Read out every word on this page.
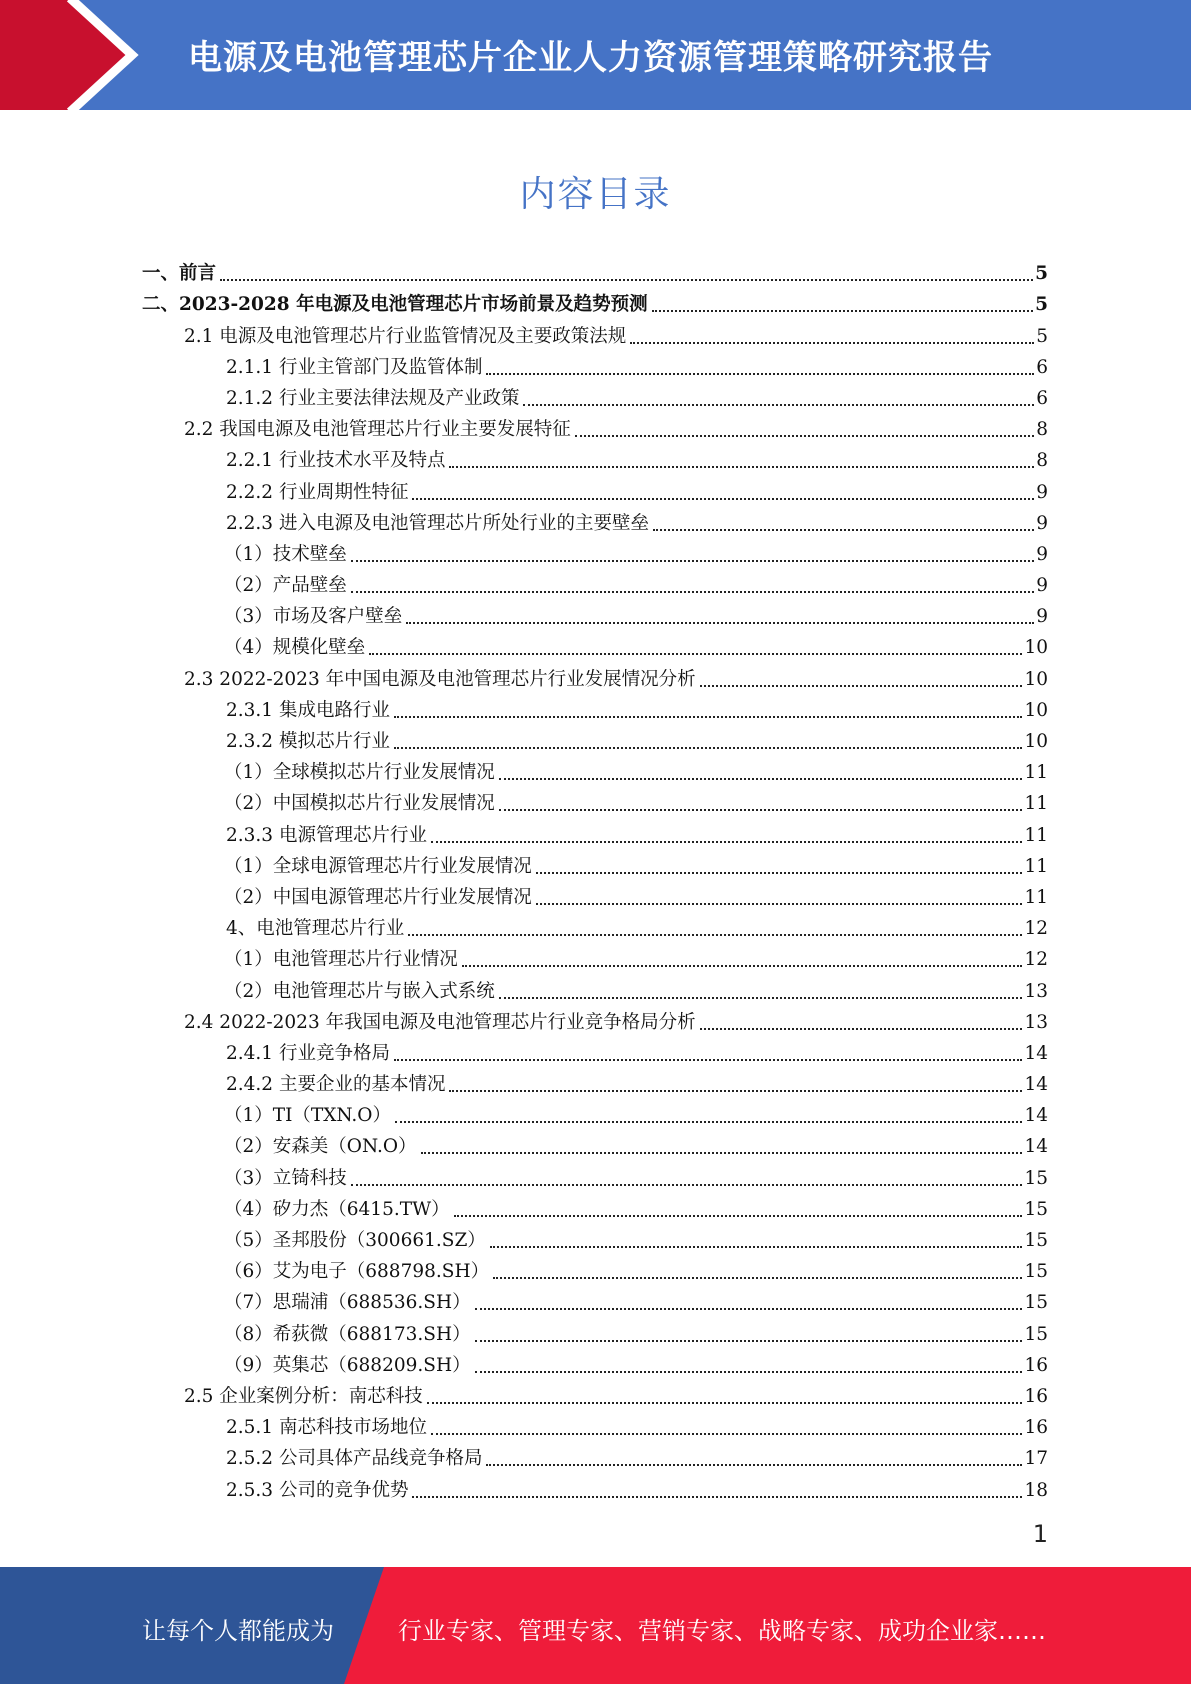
电源及电池管理芯片企业人力资源管理策略研究报告
内容目录
一、前言	5
二、2023-2028 年电源及电池管理芯片市场前景及趋势预测	5
2.1 电源及电池管理芯片行业监管情况及主要政策法规	5
2.1.1 行业主管部门及监管体制	6
2.1.2 行业主要法律法规及产业政策	6
2.2 我国电源及电池管理芯片行业主要发展特征	8
2.2.1 行业技术水平及特点	8
2.2.2 行业周期性特征	9
2.2.3 进入电源及电池管理芯片所处行业的主要壁垒	9
（1）技术壁垒	9
（2）产品壁垒	9
（3）市场及客户壁垒	9
（4）规模化壁垒	10
2.3 2022-2023 年中国电源及电池管理芯片行业发展情况分析	10
2.3.1 集成电路行业	10
2.3.2 模拟芯片行业	10
（1）全球模拟芯片行业发展情况	11
（2）中国模拟芯片行业发展情况	11
2.3.3 电源管理芯片行业	11
（1）全球电源管理芯片行业发展情况	11
（2）中国电源管理芯片行业发展情况	11
4、电池管理芯片行业	12
（1）电池管理芯片行业情况	12
（2）电池管理芯片与嵌入式系统	13
2.4 2022-2023 年我国电源及电池管理芯片行业竞争格局分析	13
2.4.1 行业竞争格局	14
2.4.2 主要企业的基本情况	14
（1）TI（TXN.O）	14
（2）安森美（ON.O）	14
（3）立锜科技	15
（4）矽力杰（6415.TW）	15
（5）圣邦股份（300661.SZ）	15
（6）艾为电子（688798.SH）	15
（7）思瑞浦（688536.SH）	15
（8）希荻微（688173.SH）	15
（9）英集芯（688209.SH）	16
2.5 企业案例分析：南芯科技	16
2.5.1 南芯科技市场地位	16
2.5.2 公司具体产品线竞争格局	17
2.5.3 公司的竞争优势	18
1
让每个人都能成为	行业专家、管理专家、营销专家、战略专家、成功企业家……
